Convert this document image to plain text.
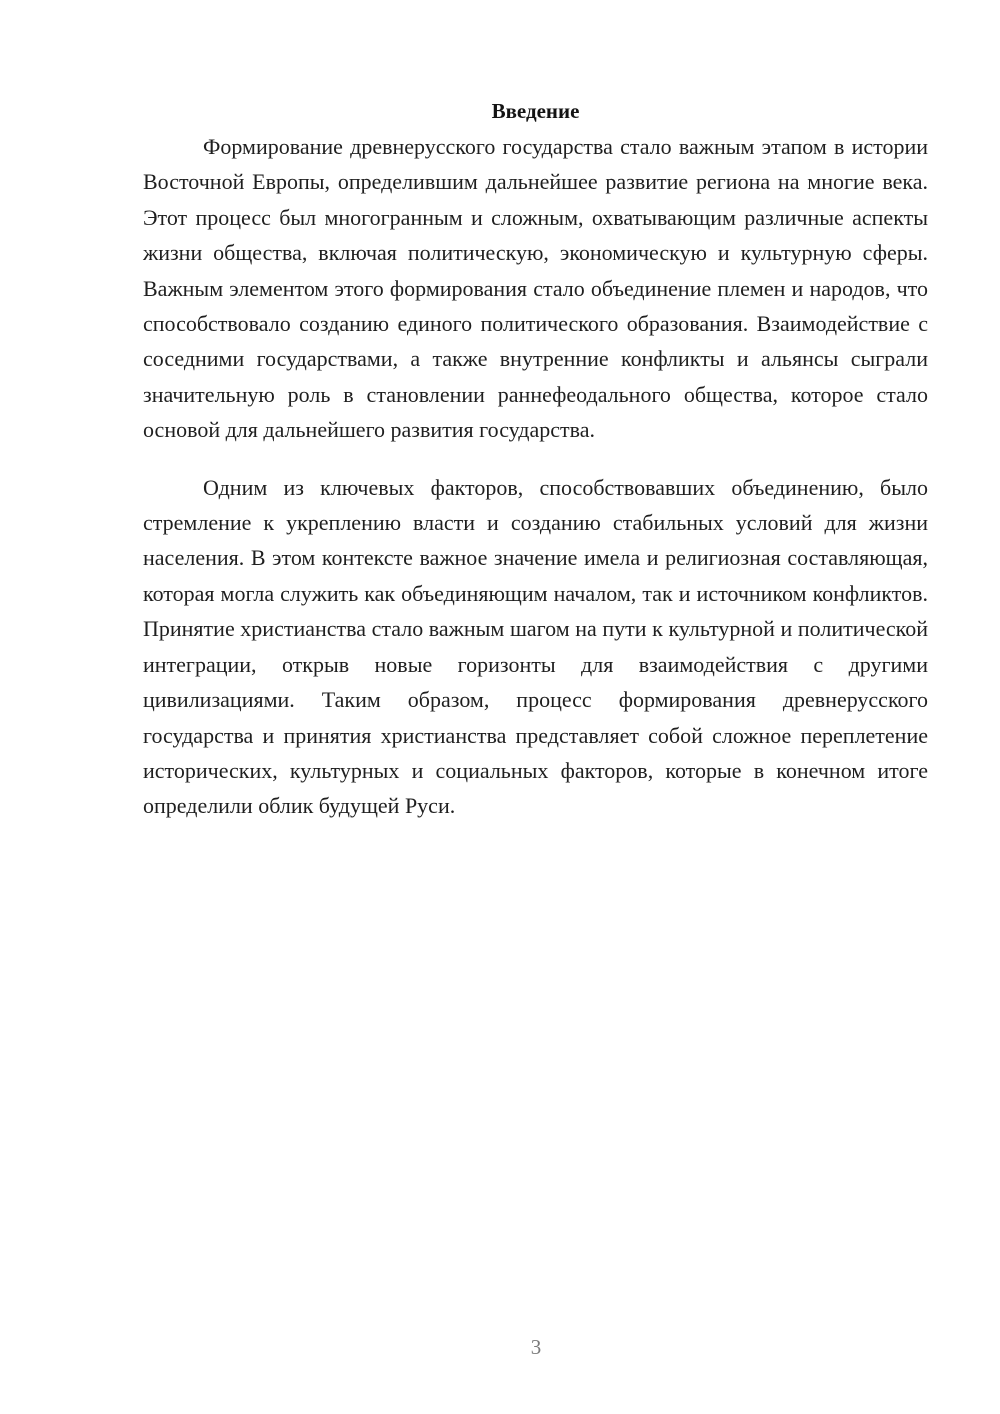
Введение

Формирование древнерусского государства стало важным этапом в истории Восточной Европы, определившим дальнейшее развитие региона на многие века. Этот процесс был многогранным и сложным, охватывающим различные аспекты жизни общества, включая политическую, экономическую и культурную сферы. Важным элементом этого формирования стало объединение племен и народов, что способствовало созданию единого политического образования. Взаимодействие с соседними государствами, а также внутренние конфликты и альянсы сыграли значительную роль в становлении раннефеодального общества, которое стало основой для дальнейшего развития государства.

Одним из ключевых факторов, способствовавших объединению, было стремление к укреплению власти и созданию стабильных условий для жизни населения. В этом контексте важное значение имела и религиозная составляющая, которая могла служить как объединяющим началом, так и источником конфликтов. Принятие христианства стало важным шагом на пути к культурной и политической интеграции, открыв новые горизонты для взаимодействия с другими цивилизациями. Таким образом, процесс формирования древнерусского государства и принятия христианства представляет собой сложное переплетение исторических, культурных и социальных факторов, которые в конечном итоге определили облик будущей Руси.

3
